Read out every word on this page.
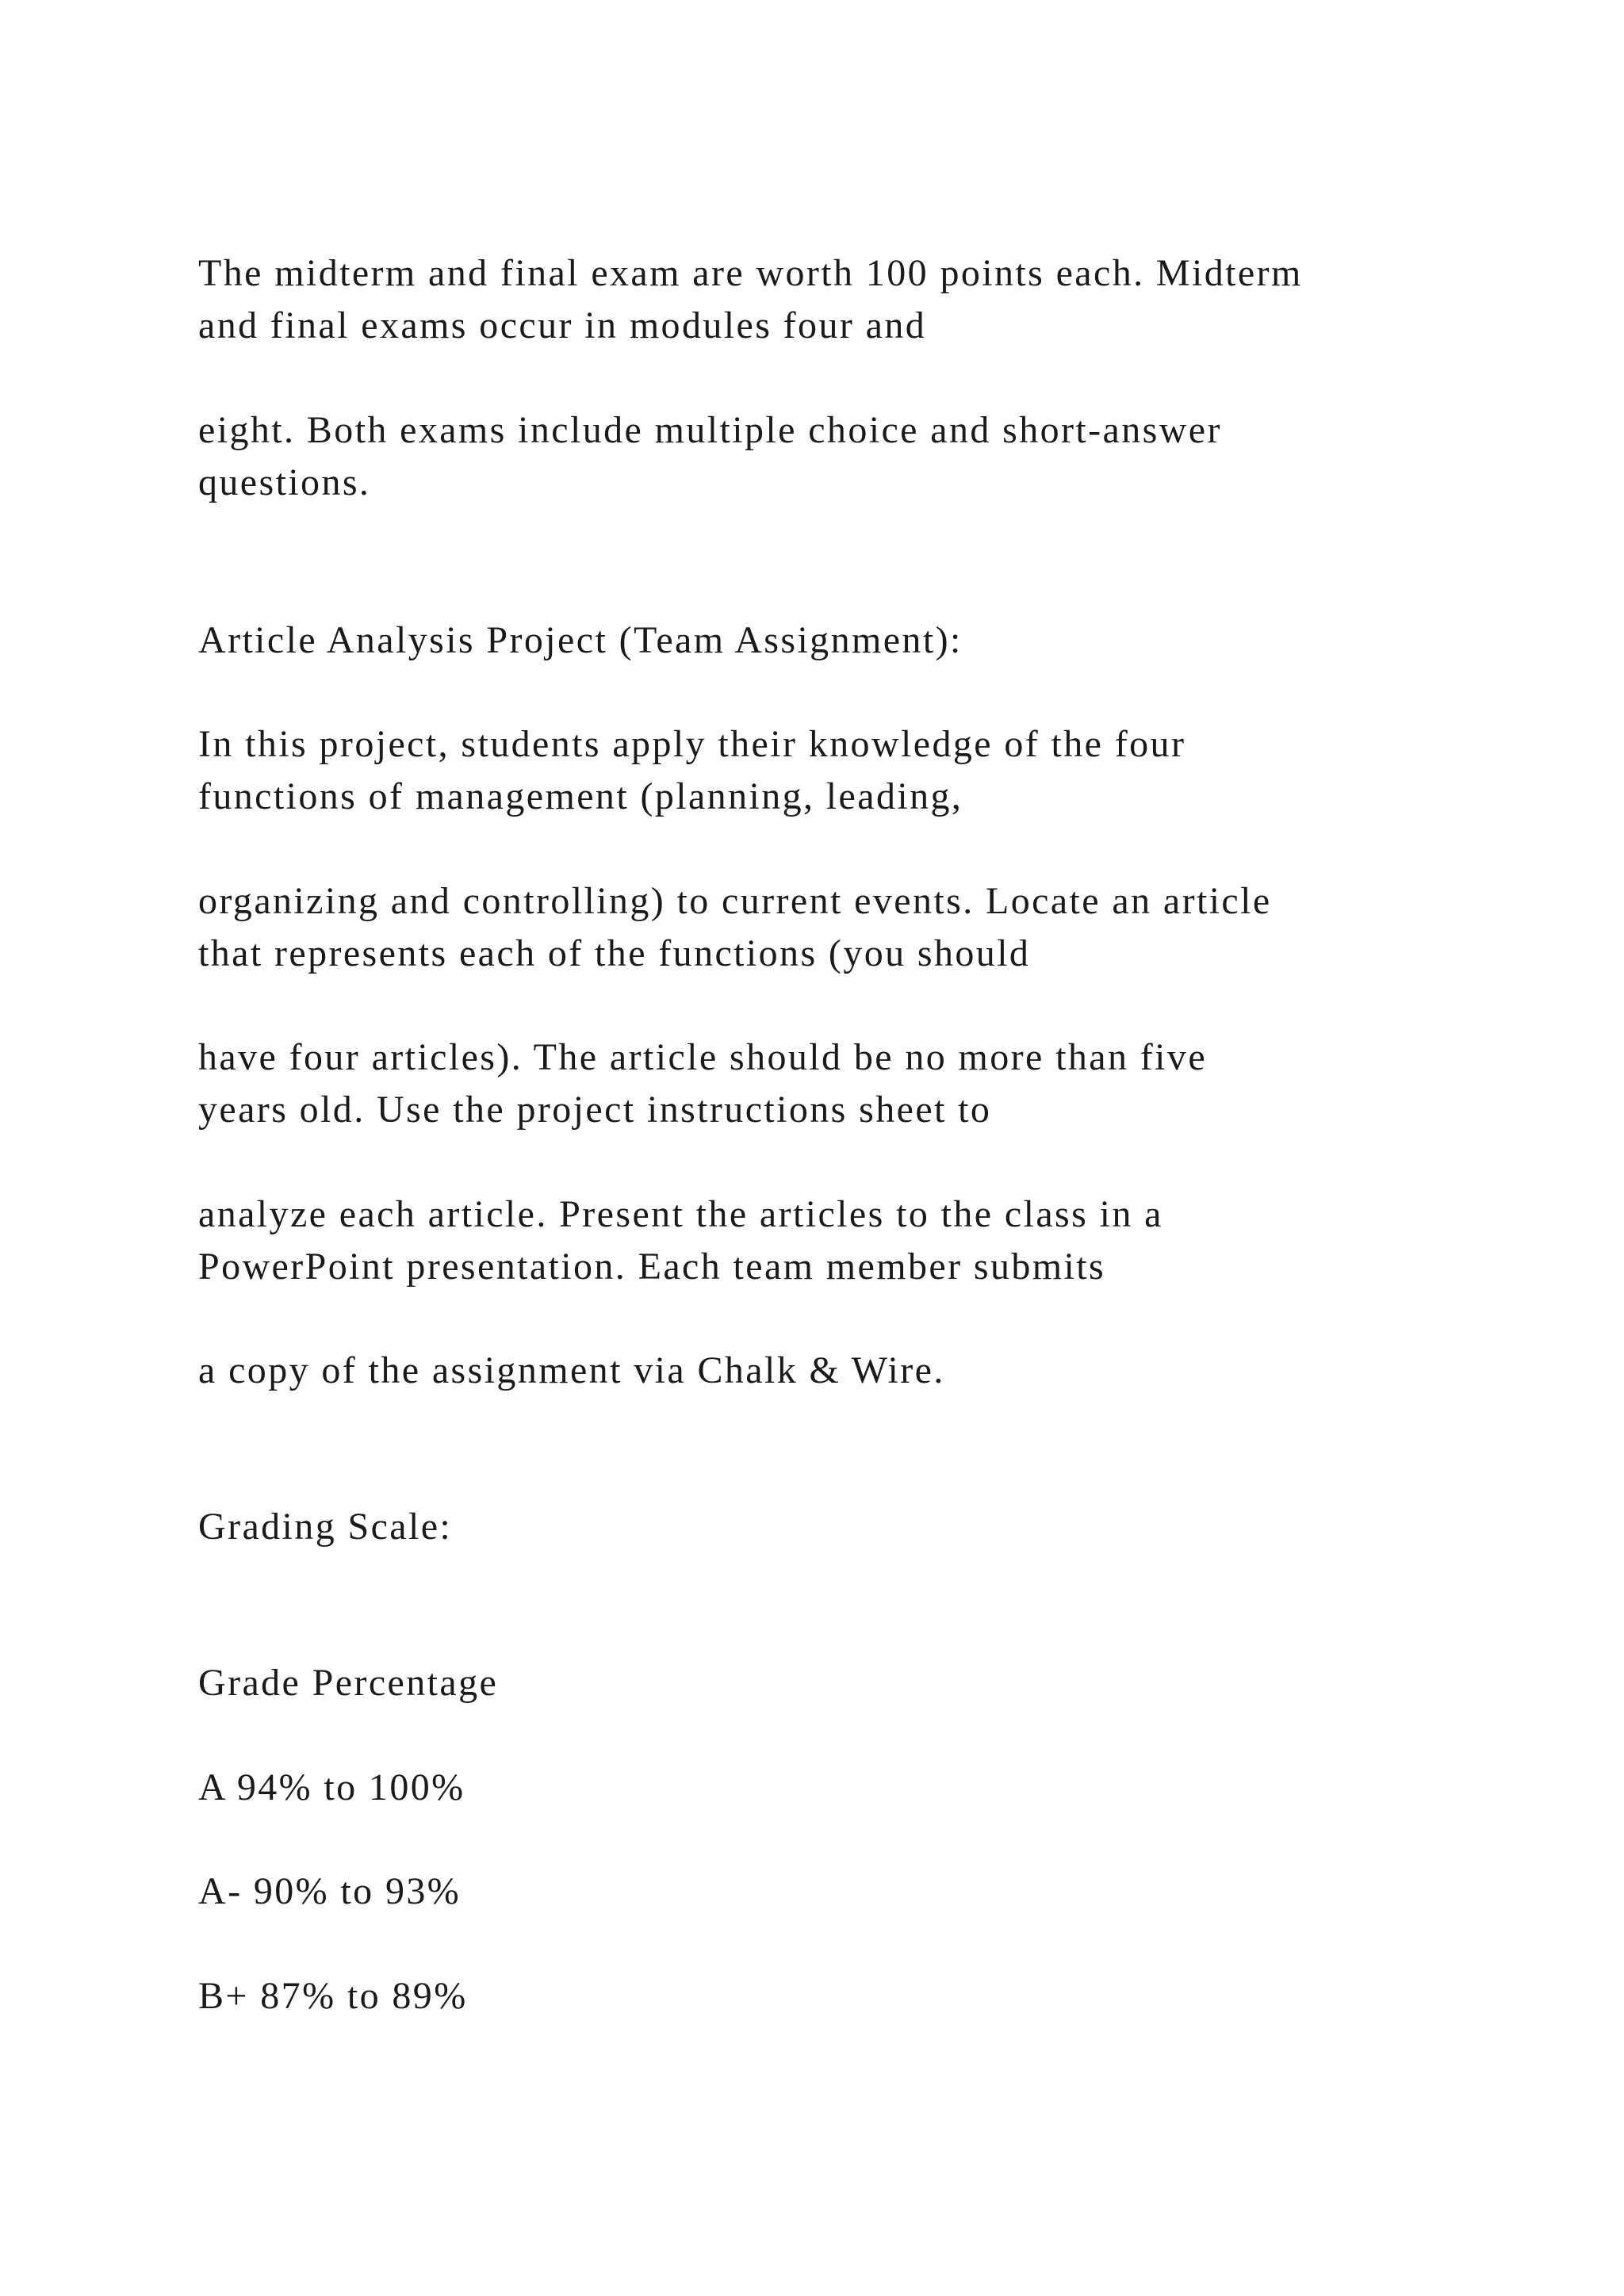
The midterm and final exam are worth 100 points each. Midterm

and final exams occur in modules four and

eight. Both exams include multiple choice and short-answer

questions.

Article Analysis Project (Team Assignment):

In this project, students apply their knowledge of the four

functions of management (planning, leading,

organizing and controlling) to current events. Locate an article

that represents each of the functions (you should

have four articles). The article should be no more than five

years old. Use the project instructions sheet to

analyze each article. Present the articles to the class in a

PowerPoint presentation. Each team member submits

a copy of the assignment via Chalk & Wire.

Grading Scale:

Grade Percentage

A 94% to 100%

A- 90% to 93%

B+ 87% to 89%
